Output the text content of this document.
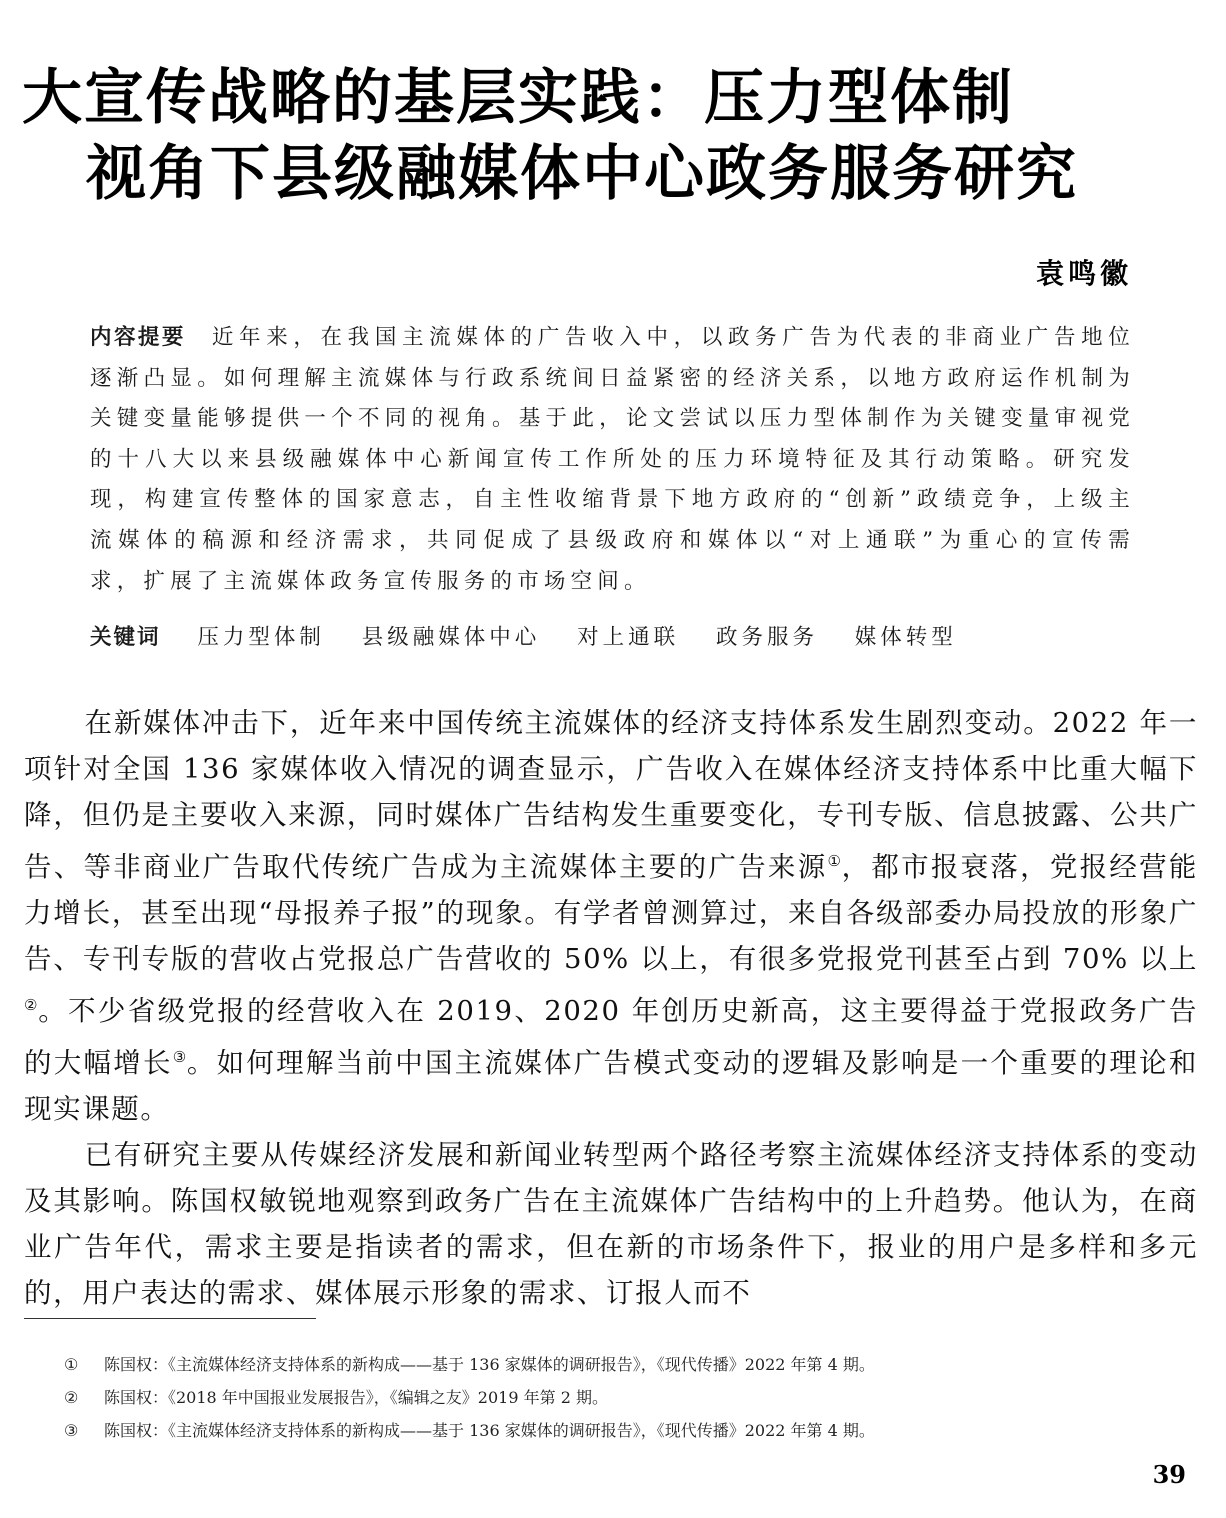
大宣传战略的基层实践：压力型体制
视角下县级融媒体中心政务服务研究
袁鸣徽
内容提要 近年来，在我国主流媒体的广告收入中，以政务广告为代表的非商业广告地位逐渐凸显。如何理解主流媒体与行政系统间日益紧密的经济关系，以地方政府运作机制为关键变量能够提供一个不同的视角。基于此，论文尝试以压力型体制作为关键变量审视党的十八大以来县级融媒体中心新闻宣传工作所处的压力环境特征及其行动策略。研究发现，构建宣传整体的国家意志，自主性收缩背景下地方政府的“创新”政绩竞争，上级主流媒体的稿源和经济需求，共同促成了县级政府和媒体以“对上通联”为重心的宣传需求，扩展了主流媒体政务宣传服务的市场空间。
关键词 压力型体制 县级融媒体中心 对上通联 政务服务 媒体转型

在新媒体冲击下，近年来中国传统主流媒体的经济支持体系发生剧烈变动。2022 年一项针对全国 136 家媒体收入情况的调查显示，广告收入在媒体经济支持体系中比重大幅下降，但仍是主要收入来源，同时媒体广告结构发生重要变化，专刊专版、信息披露、公共广告、等非商业广告取代传统广告成为主流媒体主要的广告来源①，都市报衰落，党报经营能力增长，甚至出现“母报养子报”的现象。有学者曾测算过，来自各级部委办局投放的形象广告、专刊专版的营收占党报总广告营收的 50% 以上，有很多党报党刊甚至占到 70% 以上②。不少省级党报的经营收入在 2019、2020 年创历史新高，这主要得益于党报政务广告的大幅增长③。如何理解当前中国主流媒体广告模式变动的逻辑及影响是一个重要的理论和现实课题。

已有研究主要从传媒经济发展和新闻业转型两个路径考察主流媒体经济支持体系的变动及其影响。陈国权敏锐地观察到政务广告在主流媒体广告结构中的上升趋势。他认为，在商业广告年代，需求主要是指读者的需求，但在新的市场条件下，报业的用户是多样和多元的，用户表达的需求、媒体展示形象的需求、订报人而不

① 陈国权：《主流媒体经济支持体系的新构成——基于 136 家媒体的调研报告》，《现代传播》2022 年第 4 期。
② 陈国权：《2018 年中国报业发展报告》，《编辑之友》2019 年第 2 期。
③ 陈国权：《主流媒体经济支持体系的新构成——基于 136 家媒体的调研报告》，《现代传播》2022 年第 4 期。
39
